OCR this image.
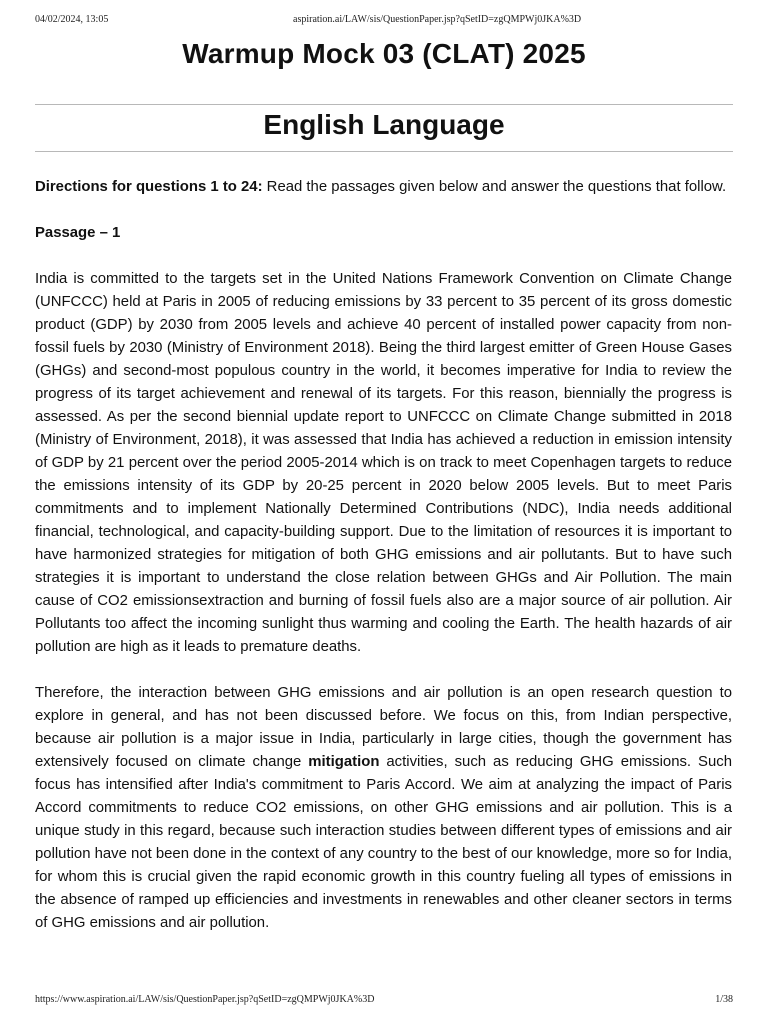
04/02/2024, 13:05	aspiration.ai/LAW/sis/QuestionPaper.jsp?qSetID=zgQMPWj0JKA%3D
Warmup Mock 03 (CLAT) 2025
English Language

Directions for questions 1 to 24: Read the passages given below and answer the questions that follow.

Passage – 1

India is committed to the targets set in the United Nations Framework Convention on Climate Change (UNFCCC) held at Paris in 2005 of reducing emissions by 33 percent to 35 percent of its gross domestic product (GDP) by 2030 from 2005 levels and achieve 40 percent of installed power capacity from non-fossil fuels by 2030 (Ministry of Environment 2018). Being the third largest emitter of Green House Gases (GHGs) and second-most populous country in the world, it becomes imperative for India to review the progress of its target achievement and renewal of its targets. For this reason, biennially the progress is assessed. As per the second biennial update report to UNFCCC on Climate Change submitted in 2018 (Ministry of Environment, 2018), it was assessed that India has achieved a reduction in emission intensity of GDP by 21 percent over the period 2005-2014 which is on track to meet Copenhagen targets to reduce the emissions intensity of its GDP by 20-25 percent in 2020 below 2005 levels. But to meet Paris commitments and to implement Nationally Determined Contributions (NDC), India needs additional financial, technological, and capacity-building support. Due to the limitation of resources it is important to have harmonized strategies for mitigation of both GHG emissions and air pollutants. But to have such strategies it is important to understand the close relation between GHGs and Air Pollution. The main cause of CO2 emissionsextraction and burning of fossil fuels also are a major source of air pollution. Air Pollutants too affect the incoming sunlight thus warming and cooling the Earth. The health hazards of air pollution are high as it leads to premature deaths.

Therefore, the interaction between GHG emissions and air pollution is an open research question to explore in general, and has not been discussed before. We focus on this, from Indian perspective, because air pollution is a major issue in India, particularly in large cities, though the government has extensively focused on climate change mitigation activities, such as reducing GHG emissions. Such focus has intensified after India's commitment to Paris Accord. We aim at analyzing the impact of Paris Accord commitments to reduce CO2 emissions, on other GHG emissions and air pollution. This is a unique study in this regard, because such interaction studies between different types of emissions and air pollution have not been done in the context of any country to the best of our knowledge, more so for India, for whom this is crucial given the rapid economic growth in this country fueling all types of emissions in the absence of ramped up efficiencies and investments in renewables and other cleaner sectors in terms of GHG emissions and air pollution.

https://www.aspiration.ai/LAW/sis/QuestionPaper.jsp?qSetID=zgQMPWj0JKA%3D	1/38
